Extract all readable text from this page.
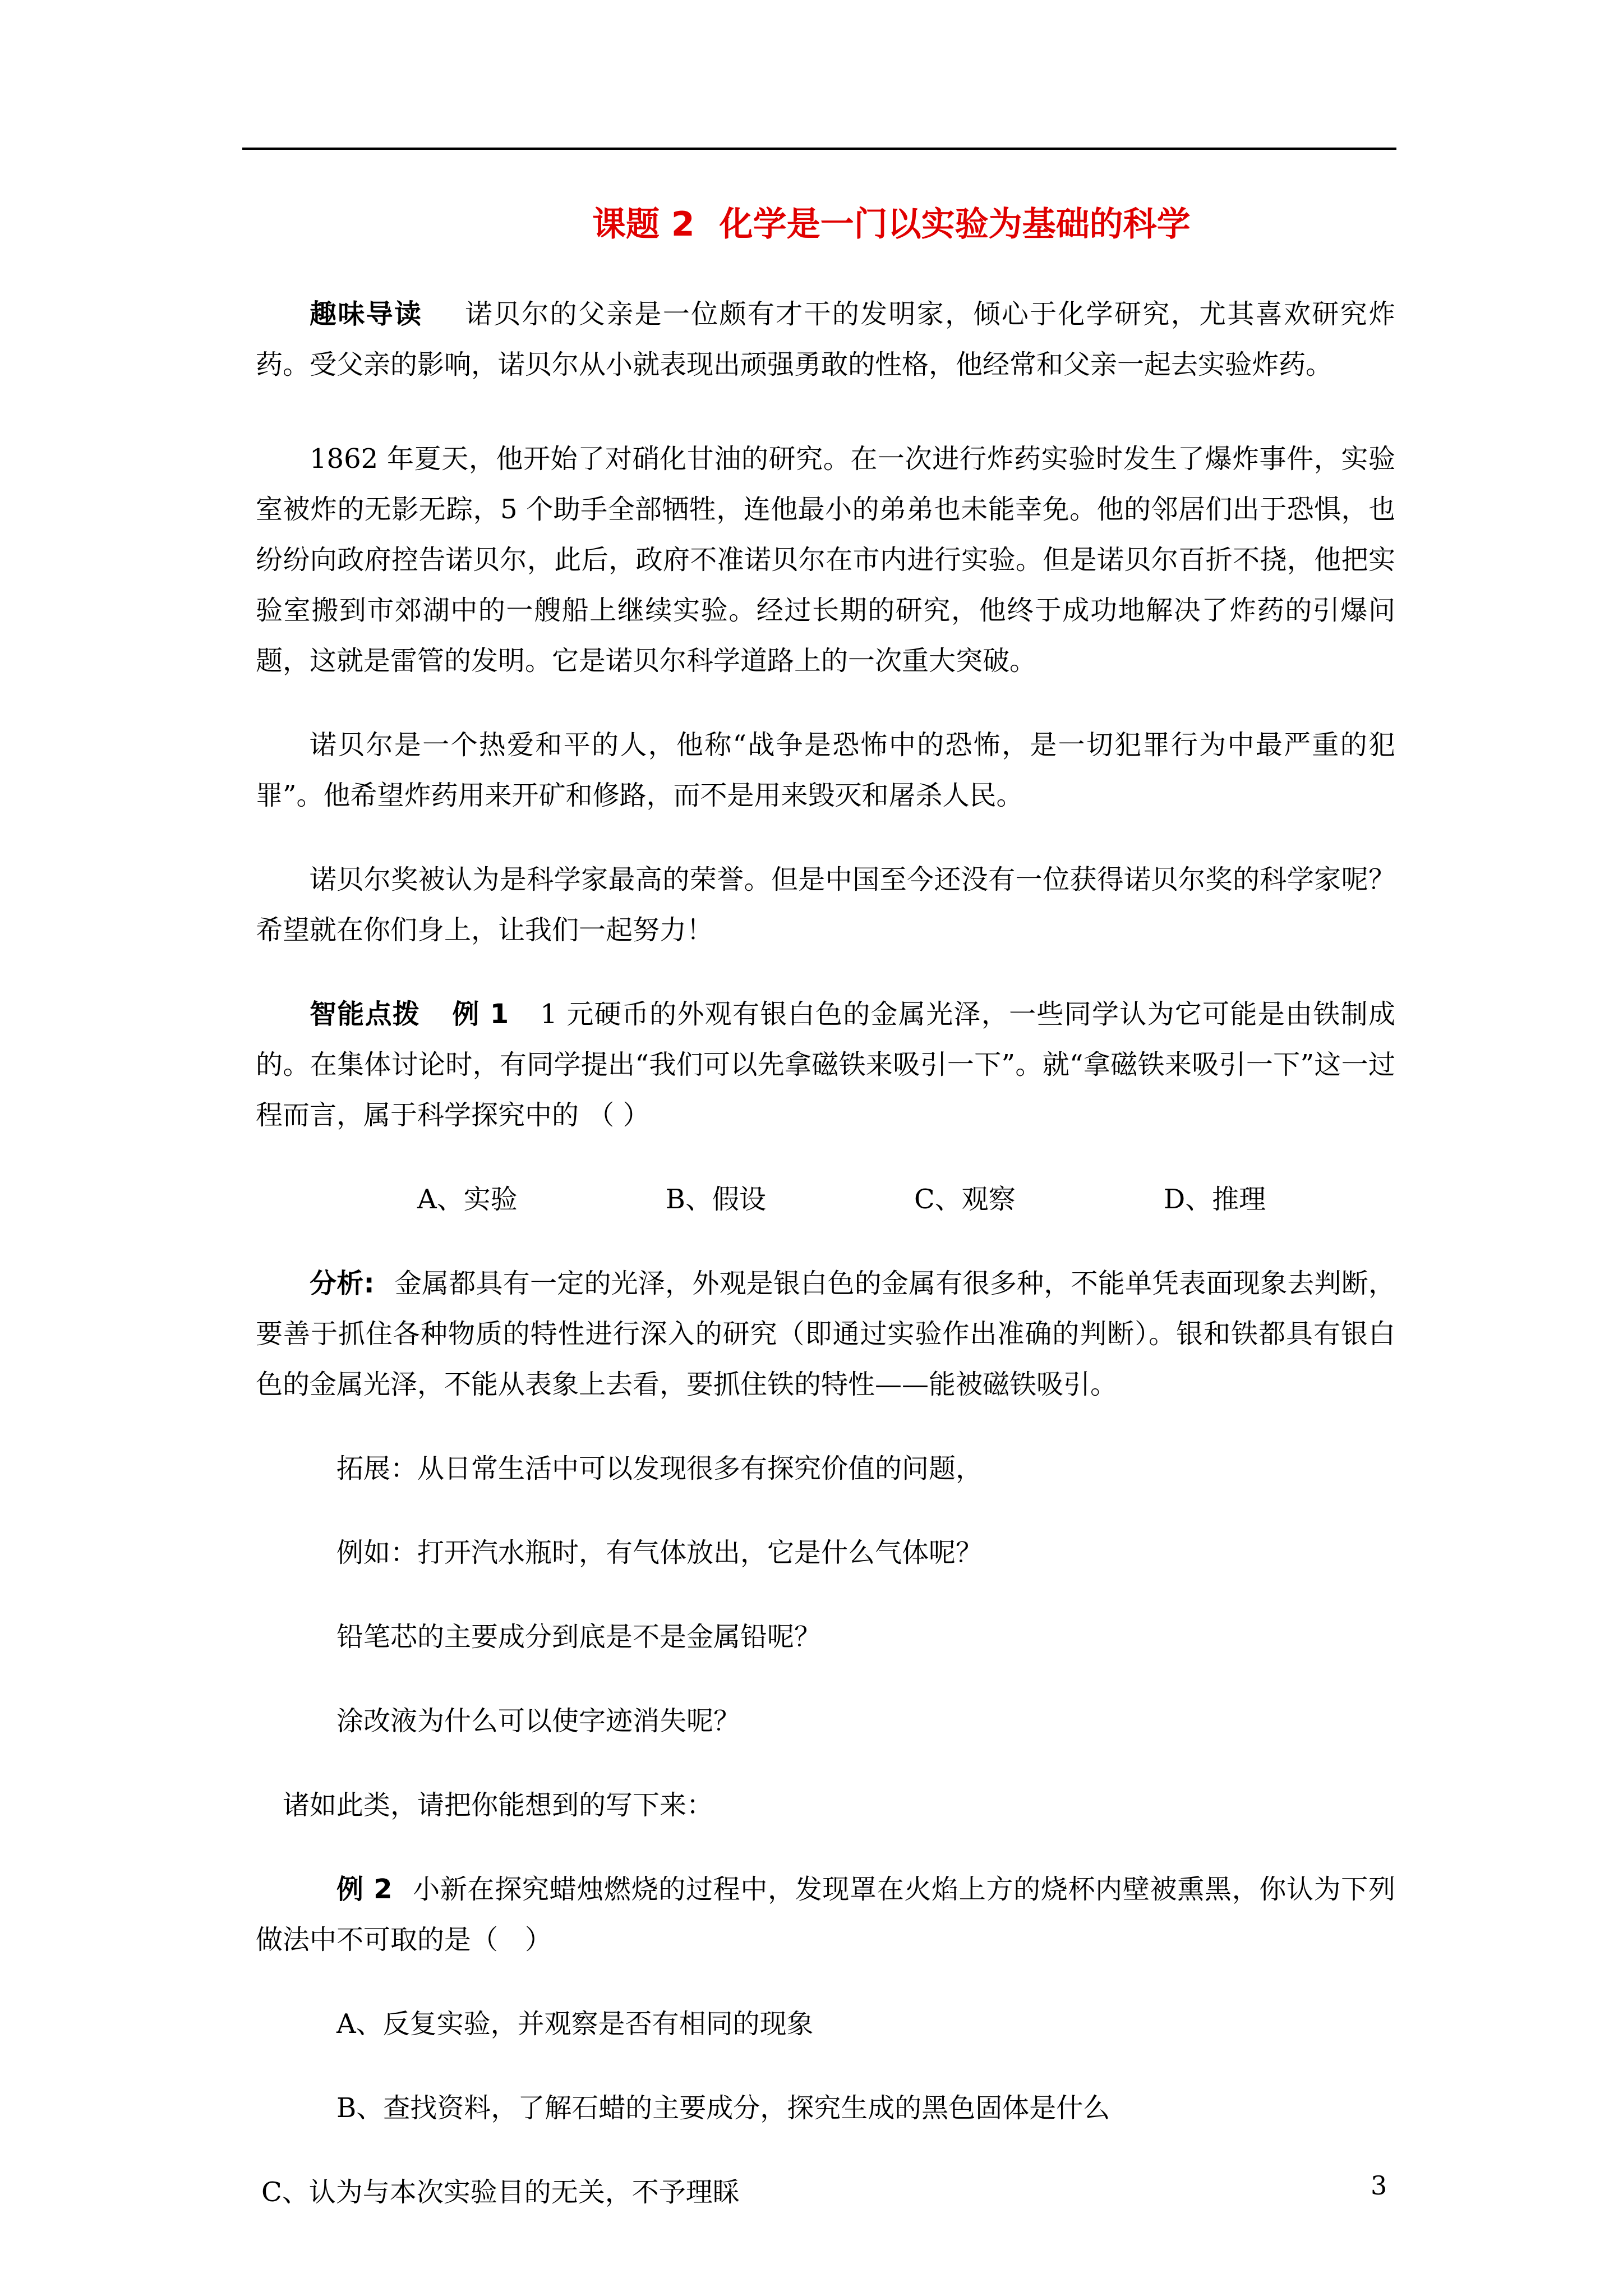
课题 2 化学是一门以实验为基础的科学

趣味导读 诺贝尔的父亲是一位颇有才干的发明家，倾心于化学研究，尤其喜欢研究炸药。受父亲的影响，诺贝尔从小就表现出顽强勇敢的性格，他经常和父亲一起去实验炸药。

1862 年夏天，他开始了对硝化甘油的研究。在一次进行炸药实验时发生了爆炸事件，实验室被炸的无影无踪，5 个助手全部牺牲，连他最小的弟弟也未能幸免。他的邻居们出于恐惧，也纷纷向政府控告诺贝尔，此后，政府不准诺贝尔在市内进行实验。但是诺贝尔百折不挠，他把实验室搬到市郊湖中的一艘船上继续实验。经过长期的研究，他终于成功地解决了炸药的引爆问题，这就是雷管的发明。它是诺贝尔科学道路上的一次重大突破。

诺贝尔是一个热爱和平的人，他称“战争是恐怖中的恐怖，是一切犯罪行为中最严重的犯罪”。他希望炸药用来开矿和修路，而不是用来毁灭和屠杀人民。

诺贝尔奖被认为是科学家最高的荣誉。但是中国至今还没有一位获得诺贝尔奖的科学家呢？希望就在你们身上，让我们一起努力！

智能点拨 例 1 1 元硬币的外观有银白色的金属光泽，一些同学认为它可能是由铁制成的。在集体讨论时，有同学提出“我们可以先拿磁铁来吸引一下”。就“拿磁铁来吸引一下”这一过程而言，属于科学探究中的 （ ）

A、实验	B、假设	C、观察	D、推理

分析: 金属都具有一定的光泽，外观是银白色的金属有很多种，不能单凭表面现象去判断，要善于抓住各种物质的特性进行深入的研究（即通过实验作出准确的判断）。银和铁都具有银白色的金属光泽，不能从表象上去看，要抓住铁的特性——能被磁铁吸引。

拓展：从日常生活中可以发现很多有探究价值的问题，

例如：打开汽水瓶时，有气体放出，它是什么气体呢？

铅笔芯的主要成分到底是不是金属铅呢？

涂改液为什么可以使字迹消失呢？

诸如此类，请把你能想到的写下来：

例 2 小新在探究蜡烛燃烧的过程中，发现罩在火焰上方的烧杯内壁被熏黑，你认为下列做法中不可取的是（　）

A、反复实验，并观察是否有相同的现象

B、查找资料，了解石蜡的主要成分，探究生成的黑色固体是什么

C、认为与本次实验目的无关，不予理睬	3
